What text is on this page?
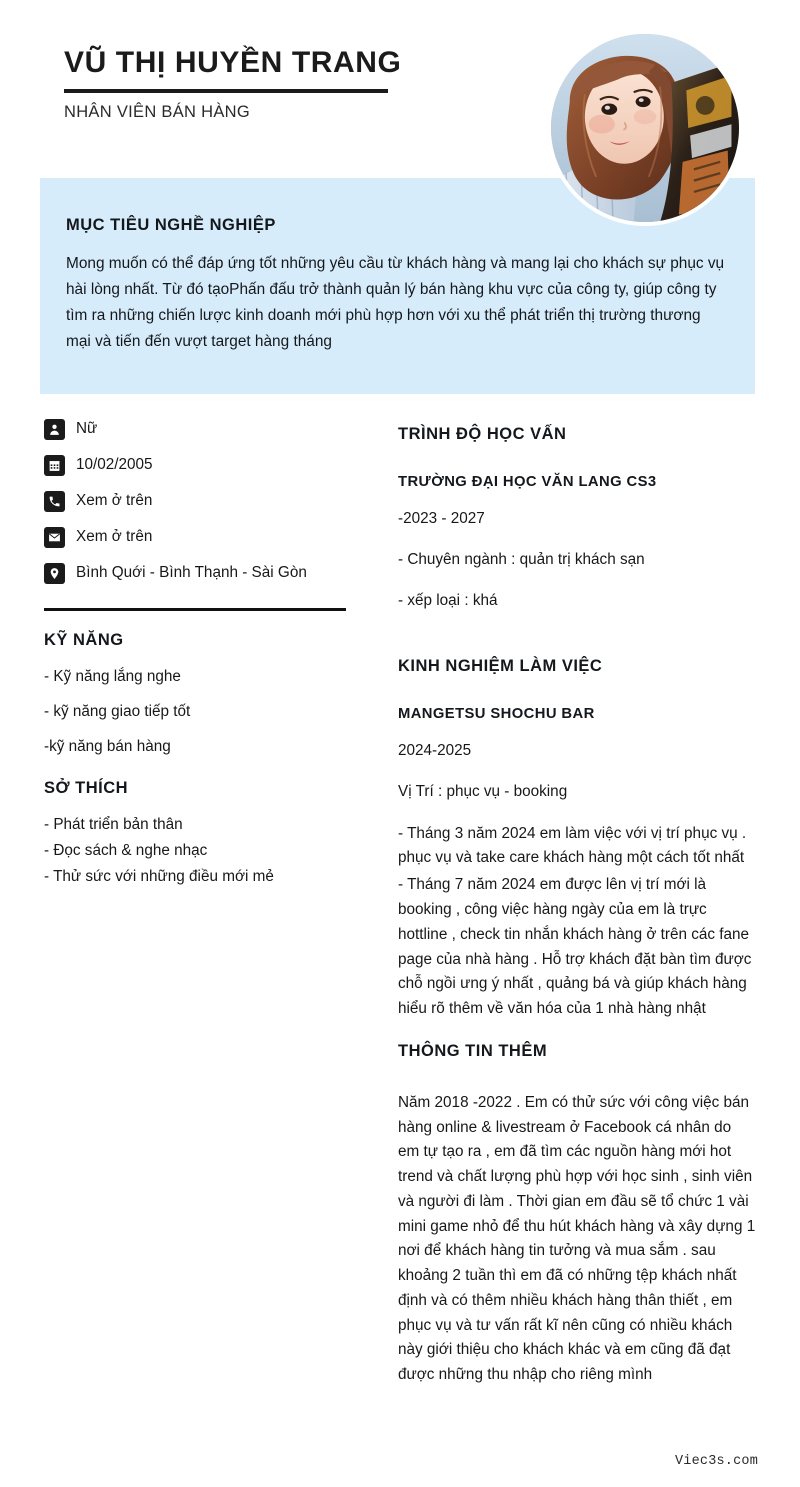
VŨ THỊ HUYỀN TRANG
NHÂN VIÊN BÁN HÀNG
MỤC TIÊU NGHỀ NGHIỆP

Mong muốn có thể đáp ứng tốt những yêu cầu từ khách hàng và mang lại cho khách sự phục vụ hài lòng nhất. Từ đó tạoPhấn đấu trở thành quản lý bán hàng khu vực của công ty, giúp công ty tìm ra những chiến lược kinh doanh mới phù hợp hơn với xu thể phát triển thị trường thương mại và tiến đến vượt target hàng tháng

Nữ
10/02/2005
Xem ở trên
Xem ở trên
Bình Quới - Bình Thạnh - Sài Gòn
KỸ NĂNG
- Kỹ năng lắng nghe
- kỹ năng giao tiếp tốt
-kỹ năng bán hàng
SỞ THÍCH
- Phát triển bản thân
- Đọc sách & nghe nhạc
- Thử sức với những điều mới mẻ
TRÌNH ĐỘ HỌC VẤN
TRƯỜNG ĐẠI HỌC VĂN LANG CS3
-2023 - 2027
- Chuyên ngành : quản trị khách sạn
- xếp loại : khá
KINH NGHIỆM LÀM VIỆC
MANGETSU SHOCHU BAR
2024-2025
Vị Trí : phục vụ - booking
- Tháng 3 năm 2024 em làm việc với vị trí phục vụ . phục vụ và take care khách hàng một cách tốt nhất
- Tháng 7 năm 2024 em được lên vị trí mới là booking , công việc hàng ngày của em là trực hottline , check tin nhắn khách hàng ở trên các fane page của nhà hàng . Hỗ trợ khách đặt bàn tìm được chỗ ngồi ưng ý nhất , quảng bá và giúp khách hàng hiểu rõ thêm về văn hóa của 1 nhà hàng nhật
THÔNG TIN THÊM
Năm 2018 -2022 . Em có thử sức với công việc bán hàng online & livestream ở Facebook cá nhân do em tự tạo ra , em đã tìm các nguồn hàng mới hot trend và chất lượng phù hợp với học sinh , sinh viên và người đi làm . Thời gian em đầu sẽ tổ chức 1 vài mini game nhỏ để thu hút khách hàng và xây dựng 1 nơi để khách hàng tin tưởng và mua sắm . sau khoảng 2 tuần thì em đã có những tệp khách nhất định và có thêm nhiều khách hàng thân thiết , em phục vụ và tư vấn rất kĩ nên cũng có nhiều khách này giới thiệu cho khách khác và em cũng đã đạt được những thu nhập cho riêng mình
Viec3s.com
